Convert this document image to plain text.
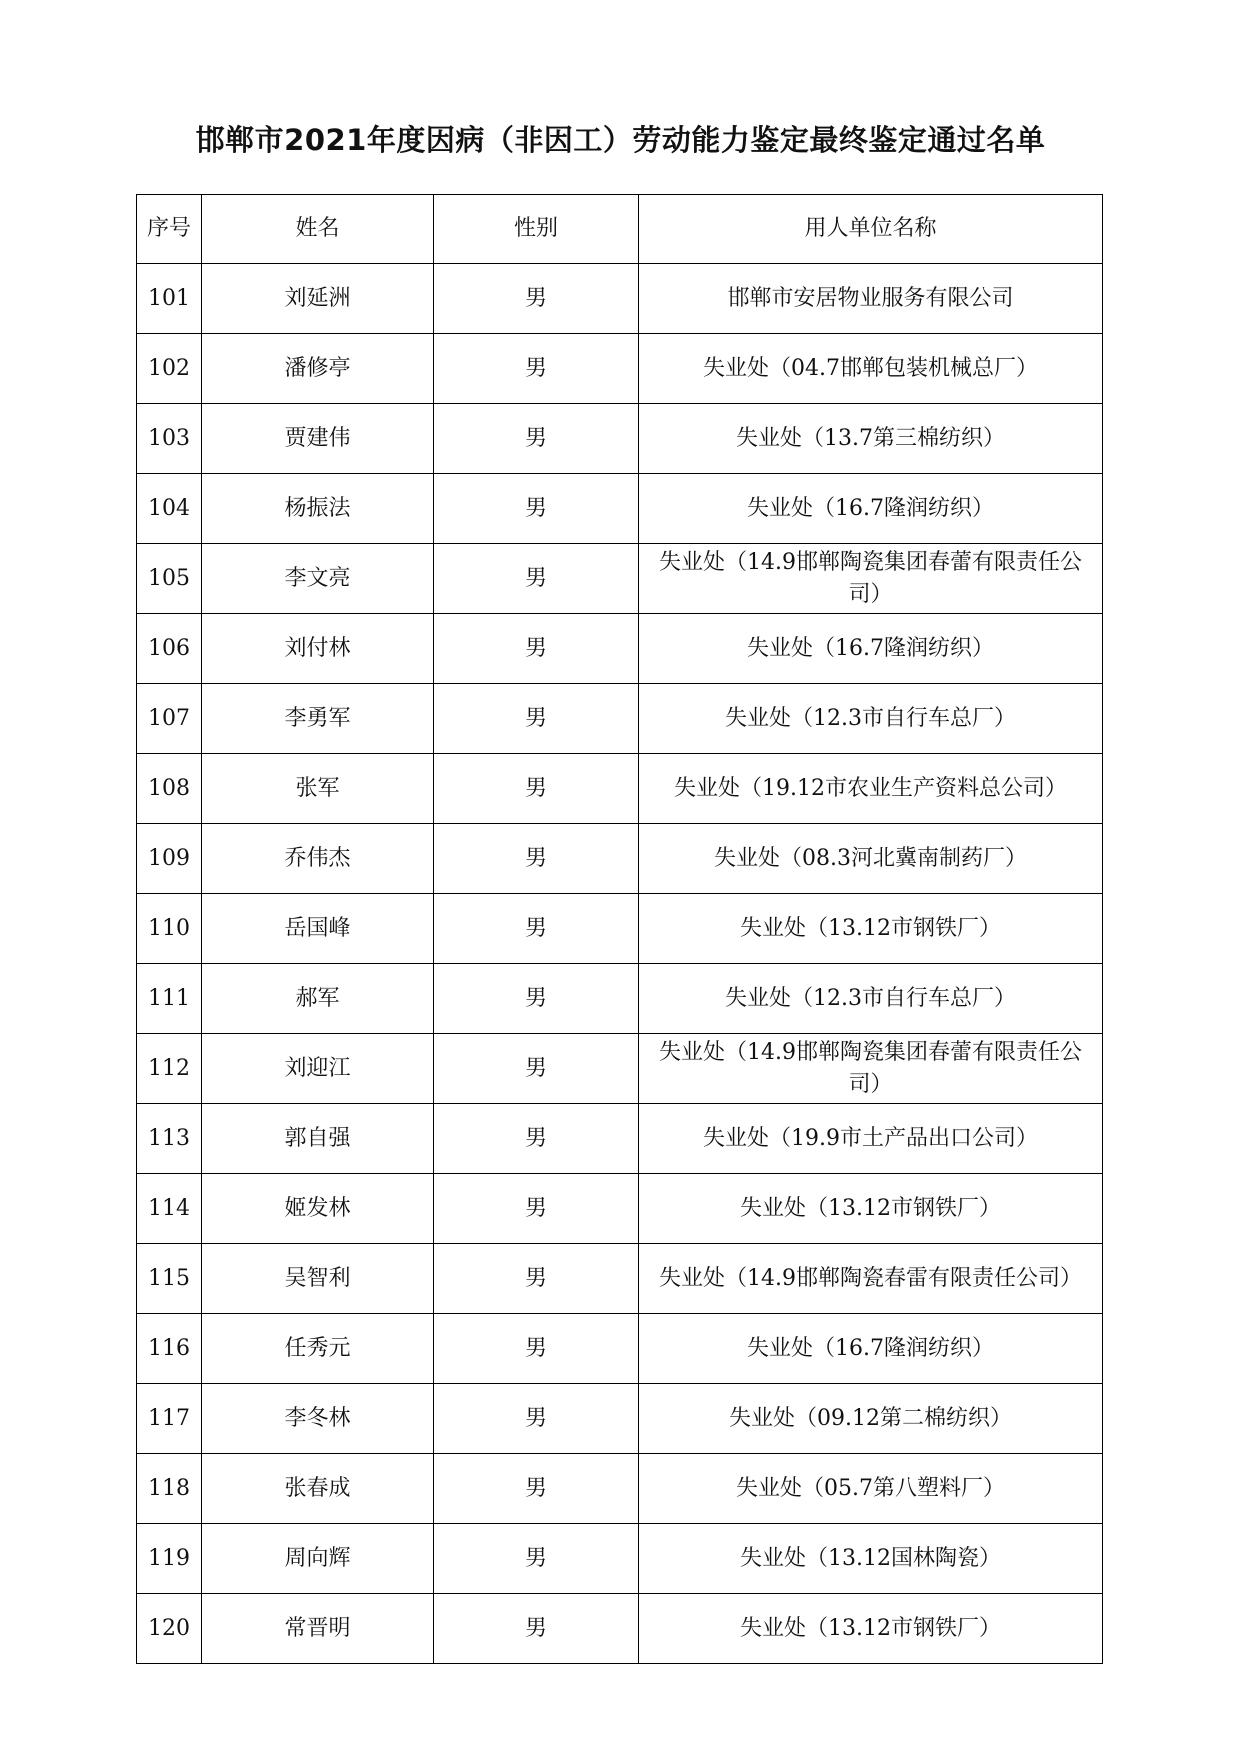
邯郸市2021年度因病（非因工）劳动能力鉴定最终鉴定通过名单
序号	姓名	性别	用人单位名称
101	刘延洲	男	邯郸市安居物业服务有限公司
102	潘修亭	男	失业处（04.7邯郸包装机械总厂）
103	贾建伟	男	失业处（13.7第三棉纺织）
104	杨振法	男	失业处（16.7隆润纺织）
105	李文亮	男	失业处（14.9邯郸陶瓷集团春蕾有限责任公司）
106	刘付林	男	失业处（16.7隆润纺织）
107	李勇军	男	失业处（12.3市自行车总厂）
108	张军	男	失业处（19.12市农业生产资料总公司）
109	乔伟杰	男	失业处（08.3河北冀南制药厂）
110	岳国峰	男	失业处（13.12市钢铁厂）
111	郝军	男	失业处（12.3市自行车总厂）
112	刘迎江	男	失业处（14.9邯郸陶瓷集团春蕾有限责任公司）
113	郭自强	男	失业处（19.9市土产品出口公司）
114	姬发林	男	失业处（13.12市钢铁厂）
115	吴智利	男	失业处（14.9邯郸陶瓷春雷有限责任公司）
116	任秀元	男	失业处（16.7隆润纺织）
117	李冬林	男	失业处（09.12第二棉纺织）
118	张春成	男	失业处（05.7第八塑料厂）
119	周向辉	男	失业处（13.12国林陶瓷）
120	常晋明	男	失业处（13.12市钢铁厂）
